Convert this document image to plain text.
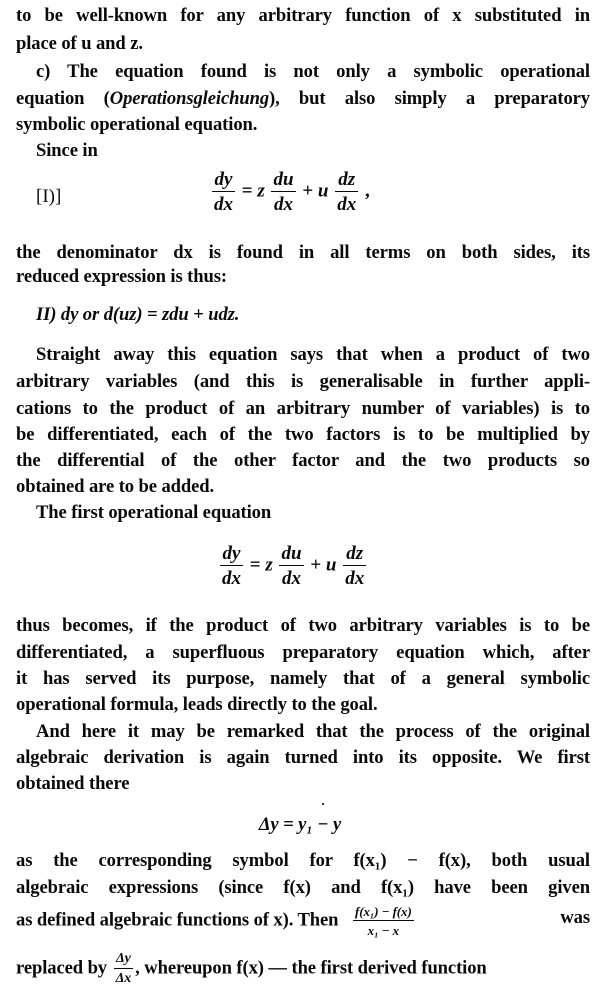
to be well-known for any arbitrary function of x substituted in
place of u and z.
c) The equation found is not only a symbolic operational
equation (Operationsgleichung), but also simply a preparatory
symbolic operational equation.
Since in
[I)]	$\frac{dy}{dx} = z \frac{du}{dx} + u \frac{dz}{dx}$ ,
the denominator dx is found in all terms on both sides, its
reduced expression is thus:
II) dy or d(uz) = zdu + udz.
Straight away this equation says that when a product of two
arbitrary variables (and this is generalisable in further appli-
cations to the product of an arbitrary number of variables) is to
be differentiated, each of the two factors is to be multiplied by
the differential of the other factor and the two products so
obtained are to be added.
The first operational equation
$\frac{dy}{dx} = z \frac{du}{dx} + u \frac{dz}{dx}$
thus becomes, if the product of two arbitrary variables is to be
differentiated, a superfluous preparatory equation which, after
it has served its purpose, namely that of a general symbolic
operational formula, leads directly to the goal.
And here it may be remarked that the process of the original
algebraic derivation is again turned into its opposite. We first
obtained there
Δy = y₁ − y
as the corresponding symbol for f(x₁) − f(x), both usual
algebraic expressions (since f(x) and f(x₁) have been given
as defined algebraic functions of x). Then $\frac{\text{f(x₁) − f(x)}}{\text{x₁ − x}}$	was
replaced by $\frac{\Delta y}{\Delta x}$ , whereupon f(x) — the first derived function
